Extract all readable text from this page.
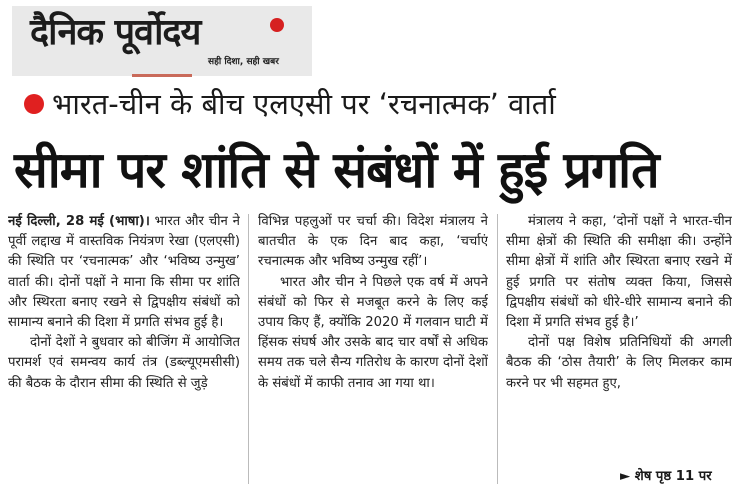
दैनिक पूर्वोदय
सही दिशा, सही खबर
भारत-चीन के बीच एलएसी पर ‘रचनात्मक’ वार्ता
सीमा पर शांति से संबंधों में हुई प्रगति

नई दिल्ली, 28 मई (भाषा)। भारत और चीन ने पूर्वी लद्दाख में वास्तविक नियंत्रण रेखा (एलएसी) की स्थिति पर ‘रचनात्मक’ और ‘भविष्य उन्मुख’ वार्ता की। दोनों पक्षों ने माना कि सीमा पर शांति और स्थिरता बनाए रखने से द्विपक्षीय संबंधों को सामान्य बनाने की दिशा में प्रगति संभव हुई है।

दोनों देशों ने बुधवार को बीजिंग में आयोजित परामर्श एवं समन्वय कार्य तंत्र (डब्ल्यूएमसीसी) की बैठक के दौरान सीमा की स्थिति से जुड़े

विभिन्न पहलुओं पर चर्चा की। विदेश मंत्रालय ने बातचीत के एक दिन बाद कहा, ‘चर्चाएं रचनात्मक और भविष्य उन्मुख रहीं’।

भारत और चीन ने पिछले एक वर्ष में अपने संबंधों को फिर से मजबूत करने के लिए कई उपाय किए हैं, क्योंकि 2020 में गलवान घाटी में हिंसक संघर्ष और उसके बाद चार वर्षों से अधिक समय तक चले सैन्य गतिरोध के कारण दोनों देशों के संबंधों में काफी तनाव आ गया था।

मंत्रालय ने कहा, ‘दोनों पक्षों ने भारत-चीन सीमा क्षेत्रों की स्थिति की समीक्षा की। उन्होंने सीमा क्षेत्रों में शांति और स्थिरता बनाए रखने में हुई प्रगति पर संतोष व्यक्त किया, जिससे द्विपक्षीय संबंधों को धीरे-धीरे सामान्य बनाने की दिशा में प्रगति संभव हुई है।’

दोनों पक्ष विशेष प्रतिनिधियों की अगली बैठक की ‘ठोस तैयारी’ के लिए मिलकर काम करने पर भी सहमत हुए,

► शेष पृष्ठ 11 पर
